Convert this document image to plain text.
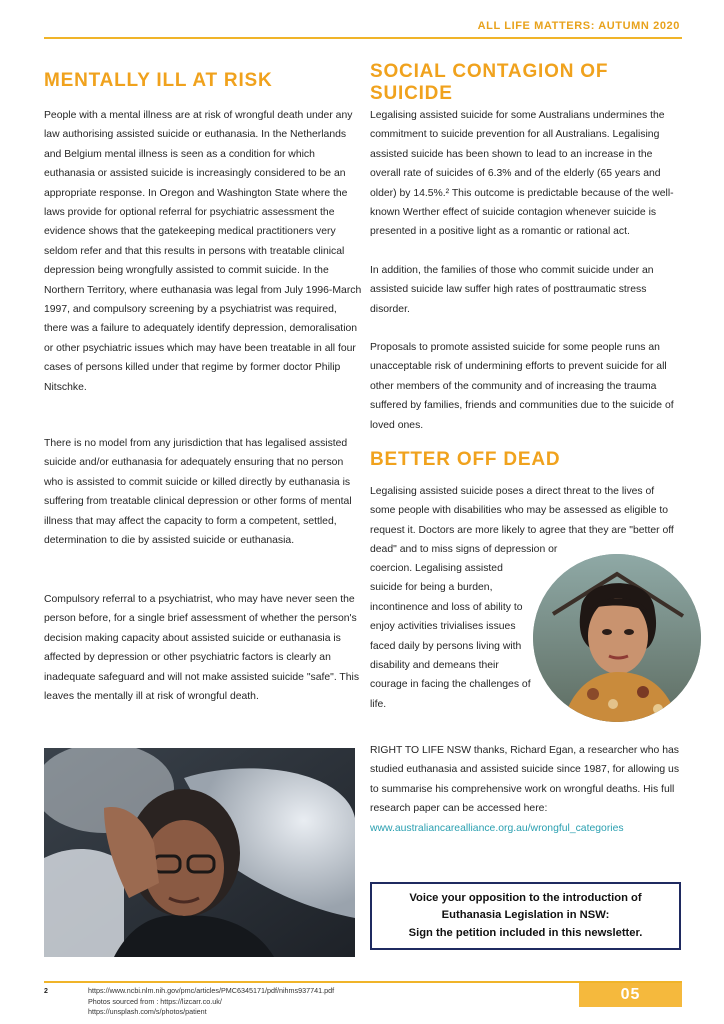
ALL LIFE MATTERS: AUTUMN 2020
MENTALLY ILL AT RISK

People with a mental illness are at risk of wrongful death under any law authorising assisted suicide or euthanasia. In the Netherlands and Belgium mental illness is seen as a condition for which euthanasia or assisted suicide is increasingly considered to be an appropriate response. In Oregon and Washington State where the laws provide for optional referral for psychiatric assessment the evidence shows that the gatekeeping medical practitioners very seldom refer and that this results in persons with treatable clinical depression being wrongfully assisted to commit suicide. In the Northern Territory, where euthanasia was legal from July 1996-March 1997, and compulsory screening by a psychiatrist was required, there was a failure to adequately identify depression, demoralisation or other psychiatric issues which may have been treatable in all four cases of persons killed under that regime by former doctor Philip Nitschke.

There is no model from any jurisdiction that has legalised assisted suicide and/or euthanasia for adequately ensuring that no person who is assisted to commit suicide or killed directly by euthanasia is suffering from treatable clinical depression or other forms of mental illness that may affect the capacity to form a competent, settled, determination to die by assisted suicide or euthanasia.

Compulsory referral to a psychiatrist, who may have never seen the person before, for a single brief assessment of whether the person's decision making capacity about assisted suicide or euthanasia is affected by depression or other psychiatric factors is clearly an inadequate safeguard and will not make assisted suicide "safe". This leaves the mentally ill at risk of wrongful death.

SOCIAL CONTAGION OF SUICIDE

Legalising assisted suicide for some Australians undermines the commitment to suicide prevention for all Australians. Legalising assisted suicide has been shown to lead to an increase in the overall rate of suicides of 6.3% and of the elderly (65 years and older) by 14.5%.² This outcome is predictable because of the well-known Werther effect of suicide contagion whenever suicide is presented in a positive light as a romantic or rational act.

In addition, the families of those who commit suicide under an assisted suicide law suffer high rates of posttraumatic stress disorder.

Proposals to promote assisted suicide for some people runs an unacceptable risk of undermining efforts to prevent suicide for all other members of the community and of increasing the trauma suffered by families, friends and communities due to the suicide of loved ones.

BETTER OFF DEAD

Legalising assisted suicide poses a direct threat to the lives of some people with disabilities who may be assessed as eligible to request it. Doctors are more likely to agree that they are "better off dead" and to miss signs of depression or

coercion. Legalising assisted suicide for being a burden, incontinence and loss of ability to enjoy activities trivialises issues faced daily by persons living with disability and demeans their courage in facing the challenges of life.

RIGHT TO LIFE NSW thanks, Richard Egan, a researcher who has studied euthanasia and assisted suicide since 1987, for allowing us to summarise his comprehensive work on wrongful deaths. His full research paper can be accessed here: www.australiancarealliance.org.au/wrongful_categories

Voice your opposition to the introduction of
Euthanasia Legislation in NSW:
Sign the petition included in this newsletter.
2	https://www.ncbi.nlm.nih.gov/pmc/articles/PMC6345171/pdf/nihms937741.pdf
Photos sourced from : https://lizcarr.co.uk/
https://unsplash.com/s/photos/patient
05
